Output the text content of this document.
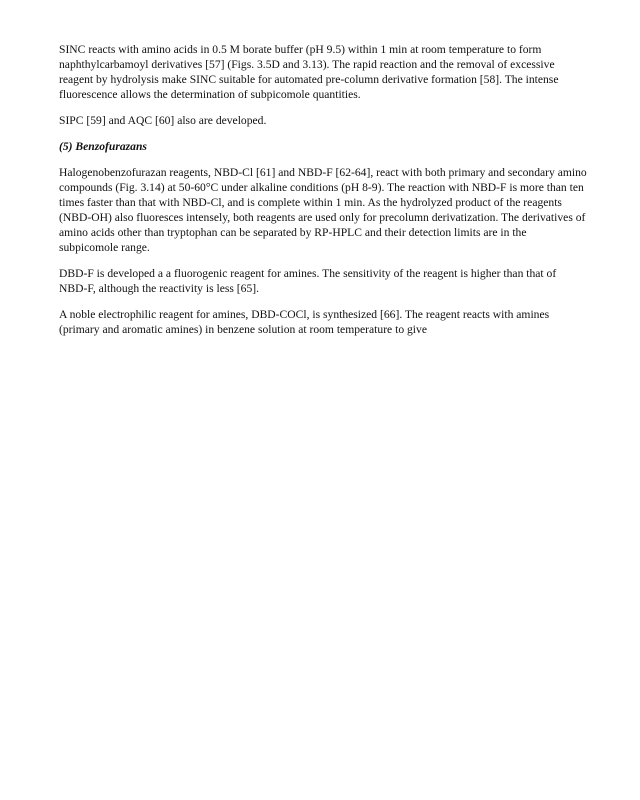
SINC reacts with amino acids in 0.5 M borate buffer (pH 9.5) within 1 min at room temperature to form naphthylcarbamoyl derivatives [57] (Figs. 3.5D and 3.13). The rapid reaction and the removal of excessive reagent by hydrolysis make SINC suitable for automated pre-column derivative formation [58]. The intense fluorescence allows the determination of subpicomole quantities.

SIPC [59] and AQC [60] also are developed.

(5) Benzofurazans

Halogenobenzofurazan reagents, NBD-Cl [61] and NBD-F [62-64], react with both primary and secondary amino compounds (Fig. 3.14) at 50-60°C under alkaline conditions (pH 8-9). The reaction with NBD-F is more than ten times faster than that with NBD-Cl, and is complete within 1 min. As the hydrolyzed product of the reagents (NBD-OH) also fluoresces intensely, both reagents are used only for precolumn derivatization. The derivatives of amino acids other than tryptophan can be separated by RP-HPLC and their detection limits are in the subpicomole range.

DBD-F is developed a a fluorogenic reagent for amines. The sensitivity of the reagent is higher than that of NBD-F, although the reactivity is less [65].

A noble electrophilic reagent for amines, DBD-COCl, is synthesized [66]. The reagent reacts with amines (primary and aromatic amines) in benzene solution at room temperature to give
